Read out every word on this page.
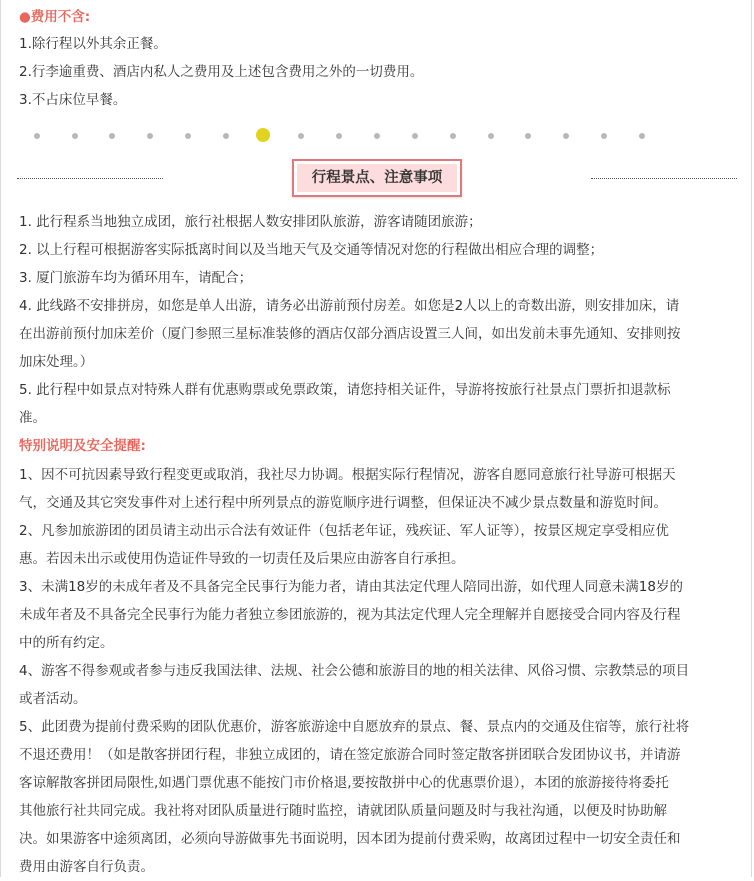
●费用不含:

1.除行程以外其余正餐。

2.行李逾重费、酒店内私人之费用及上述包含费用之外的一切费用。

3.不占床位早餐。

行程景点、注意事项

1. 此行程系当地独立成团，旅行社根据人数安排团队旅游，游客请随团旅游；

2. 以上行程可根据游客实际抵离时间以及当地天气及交通等情况对您的行程做出相应合理的调整；

3. 厦门旅游车均为循环用车，请配合；

4. 此线路不安排拼房，如您是单人出游，请务必出游前预付房差。如您是2人以上的奇数出游，则安排加床，请

在出游前预付加床差价（厦门参照三星标准装修的酒店仅部分酒店设置三人间，如出发前未事先通知、安排则按

加床处理。）

5. 此行程中如景点对特殊人群有优惠购票或免票政策，请您持相关证件，导游将按旅行社景点门票折扣退款标

准。

特别说明及安全提醒:

1、因不可抗因素导致行程变更或取消，我社尽力协调。根据实际行程情况，游客自愿同意旅行社导游可根据天

气，交通及其它突发事件对上述行程中所列景点的游览顺序进行调整，但保证决不减少景点数量和游览时间。

2、凡参加旅游团的团员请主动出示合法有效证件（包括老年证，残疾证、军人证等），按景区规定享受相应优

惠。若因未出示或使用伪造证件导致的一切责任及后果应由游客自行承担。

3、未满18岁的未成年者及不具备完全民事行为能力者，请由其法定代理人陪同出游，如代理人同意未满18岁的

未成年者及不具备完全民事行为能力者独立参团旅游的，视为其法定代理人完全理解并自愿接受合同内容及行程

中的所有约定。

4、游客不得参观或者参与违反我国法律、法规、社会公德和旅游目的地的相关法律、风俗习惯、宗教禁忌的项目

或者活动。

5、此团费为提前付费采购的团队优惠价，游客旅游途中自愿放弃的景点、餐、景点内的交通及住宿等，旅行社将

不退还费用！（如是散客拼团行程，非独立成团的，请在签定旅游合同时签定散客拼团联合发团协议书，并请游

客谅解散客拼团局限性,如遇门票优惠不能按门市价格退,要按散拼中心的优惠票价退），本团的旅游接待将委托

其他旅行社共同完成。我社将对团队质量进行随时监控，请就团队质量问题及时与我社沟通，以便及时协助解

决。如果游客中途须离团，必须向导游做事先书面说明，因本团为提前付费采购，故离团过程中一切安全责任和

费用由游客自行负责。
